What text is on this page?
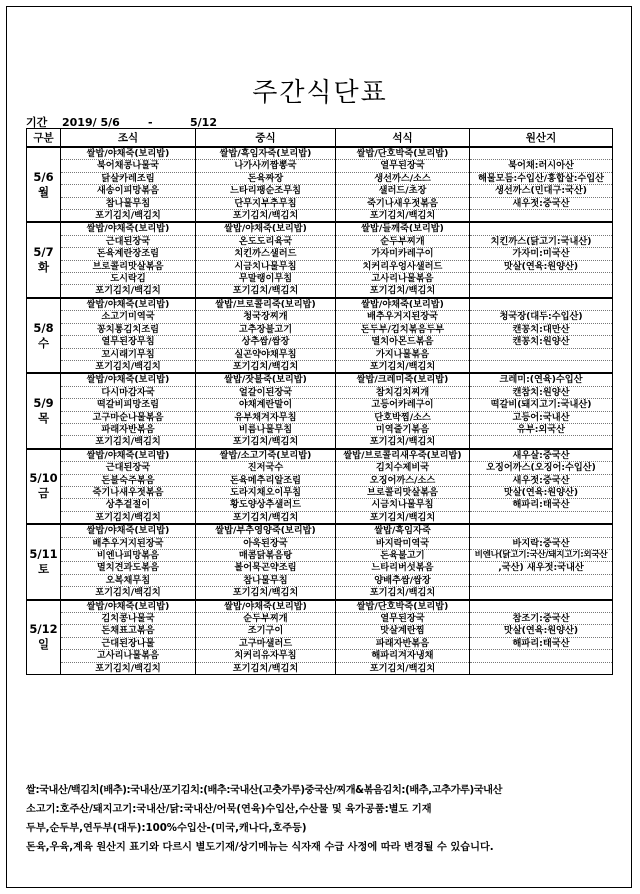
주간식단표
기간 2019/ 5/6	-	5/12
구분	조식	중식	석식	원산지

5/6
월	쌀밥/야채죽(보리밥)	쌀밥/흑임자죽(보리밥)	쌀밥/단호박죽(보리밥)	
	북어채콩나물국	나가사끼짬뽕국	열무된장국	북어채:러시아산
	닭살카레조림	돈육짜장	생선까스/소스	해물모듬:수입산/홍합살:수입산
	새송이피망볶음	느타리팽순조무침	샐러드/초장	생선까스(민대구:국산)
	참나물무침	단무지부추무침	죽기나새우젓볶음	새우젓:중국산
	포기김치/백김치	포기김치/백김치	포기김치/백김치	

5/7
화	쌀밥/야채죽(보리밥)	쌀밥/야채죽(보리밥)	쌀밥/들깨죽(보리밥)	
	근대된장국	온도도리육국	순두부찌개	치킨까스(닭고기:국내산)
	돈육계란장조림	치킨까스샐러드	가자미카레구이	가자미:미국산
	브로콜리맛살볶음	시금치나물무침	치커리우엉사샐러드	맛살(연육:원양산)
	도시락김	무말랭이무침	고사리나물볶음	
	포기김치/백김치	포기김치/백김치	포기김치/백김치	

5/8
수	쌀밥/야채죽(보리밥)	쌀밥/브로콜리죽(보리밥)	쌀밥/야채죽(보리밥)	
	소고기미역국	청국장찌개	배추우거지된장국	청국장(대두:수입산)
	꽁치통김치조림	고추장불고기	돈두부/김치볶음두부	캔꽁치:대만산
	열무된장무침	상추쌈/쌈장	멸치아몬드볶음	캔꽁치:원양산
	꼬시래기무침	실곤약야채무침	가지나물볶음	
	포기김치/백김치	포기김치/백김치	포기김치/백김치	

5/9
목	쌀밥/야채죽(보리밥)	쌀밥/잣불죽(보리밥)	쌀밥/크레미죽(보리밥)	크레미:(연육)수입산
	다시마감자국	얼갈이된장국	참치김치찌개	캔참치:원양산
	떡갈비피망조림	야채계란말이	고등어카레구이	떡갈비(돼지고기:국내산)
	고구마순나물볶음	유부채겨자무침	단호박찜/소스	고등어:국내산
	파래자반볶음	비름나물무침	미역줄기볶음	유부:외국산
	포기김치/백김치	포기김치/백김치	포기김치/백김치	

5/10
금	쌀밥/야채죽(보리밥)	쌀밥/소고기죽(보리밥)	쌀밥/브로콜리새우죽(보리밥)	새우살:중국산
	근대된장국	진저국수	김치수제비국	오징어까스(오징어:수입산)
	돈불숙주볶음	돈육메추리알조림	오징어까스/소스	새우젓:중국산
	죽기나새우젓볶음	도라지채오이무침	브로콜리맛살볶음	맛살(연육:원양산)
	상추겉절이	황도양상추샐러드	시금치나물무침	해파리:태국산
	포기김치/백김치	포기김치/백김치	포기김치/백김치	

5/11
토	쌀밥/야채죽(보리밥)	쌀밥/부추영양죽(보리밥)	쌀밥/흑임자죽	
	배추우거지된장국	아욱된장국	바지락미역국	바지락:중국산
	비엔나피망볶음	매콤닭볶음탕	돈육불고기	비엔나(닭고기:국산/돼지고기:외국산
	멸치견과도볶음	볼어묵곤약조림	느타리버섯볶음	,국산) 새우젓:국내산
	오복채무침	참나물무침	양배추쌈/쌈장	
	포기김치/백김치	포기김치/백김치	포기김치/백김치	

5/12
일	쌀밥/야채죽(보리밥)	쌀밥/야채죽(보리밥)	쌀밥/단호박죽(보리밥)	
	김치콩나물국	순두부찌개	열무된장국	참조기:중국산
	돈채표고볶음	조기구이	맛살계란찜	맛살(연육:원양산)
	근대된장나물	고구마샐러드	파래자반볶음	해파리:태국산
	고사리나물볶음	치커리유자무침	해파리겨자냉채	
	포기김치/백김치	포기김치/백김치	포기김치/백김치	
쌀:국내산/백김치(배추):국내산/포기김치:(배추:국내산(고춧가루)중국산/찌개&볶음김치:(배추,고추가루)국내산
소고기:호주산/돼지고기:국내산/닭:국내산/어묵(연육)수입산,수산물 및 육가공품:별도 기재
두부,순두부,연두부(대두):100%수입산-(미국,캐나다,호주등)
돈육,우육,계육 원산지 표기와 다르시 별도기재/상기메뉴는 식자재 수급 사정에 따라 변경될 수 있습니다.
